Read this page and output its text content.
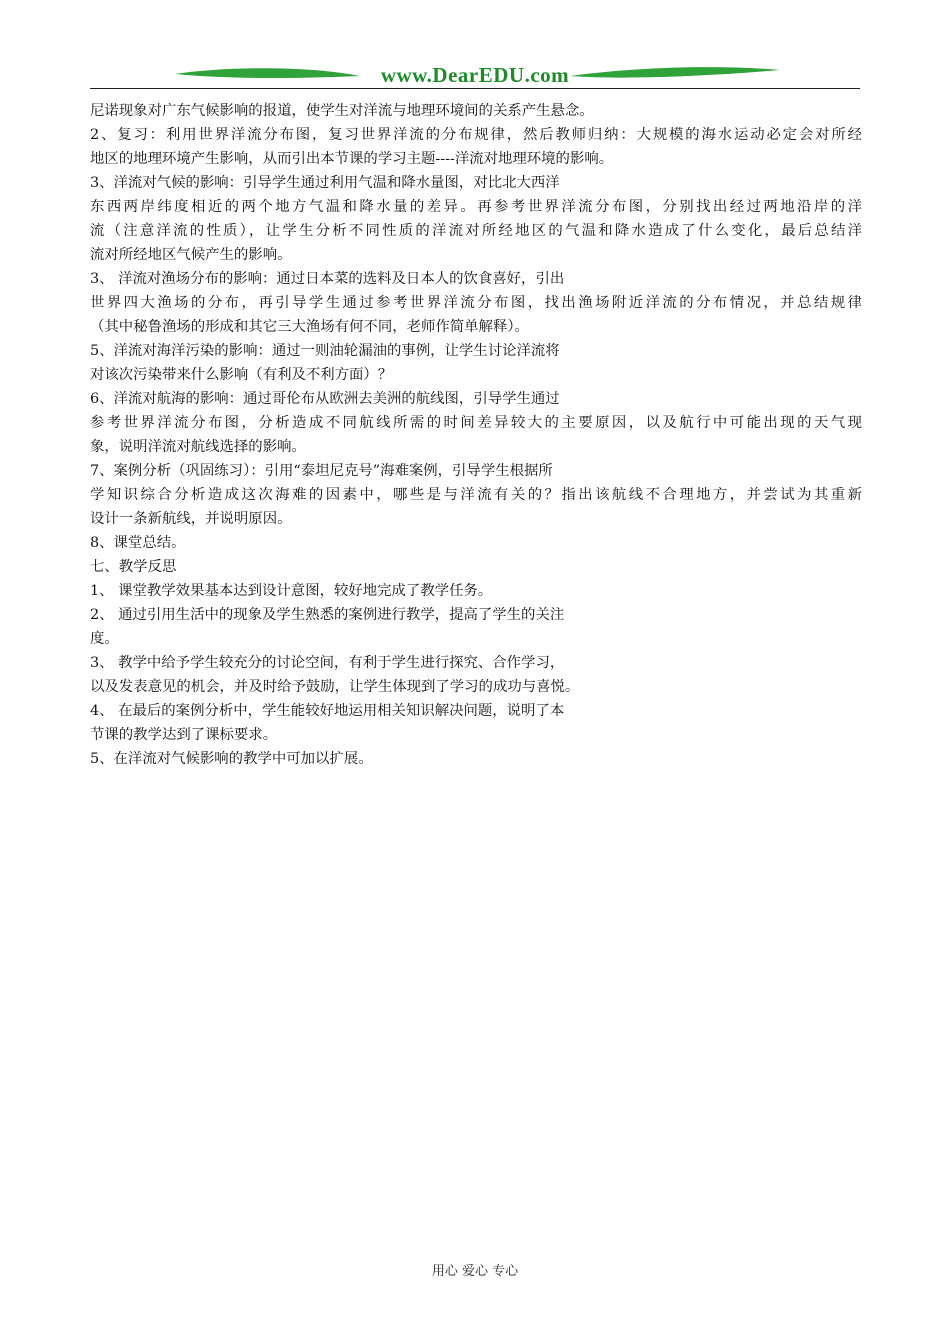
www.DearEDU.com
尼诺现象对广东气候影响的报道，使学生对洋流与地理环境间的关系产生悬念。
2、复习：利用世界洋流分布图，复习世界洋流的分布规律，然后教师归纳：大规模的海水运动必定会对所经
地区的地理环境产生影响，从而引出本节课的学习主题----洋流对地理环境的影响。
3、洋流对气候的影响：引导学生通过利用气温和降水量图，对比北大西洋
东西两岸纬度相近的两个地方气温和降水量的差异。再参考世界洋流分布图，分别找出经过两地沿岸的洋
流（注意洋流的性质），让学生分析不同性质的洋流对所经地区的气温和降水造成了什么变化，最后总结洋
流对所经地区气候产生的影响。
3、 洋流对渔场分布的影响：通过日本菜的选料及日本人的饮食喜好，引出
世界四大渔场的分布，再引导学生通过参考世界洋流分布图，找出渔场附近洋流的分布情况，并总结规律
（其中秘鲁渔场的形成和其它三大渔场有何不同，老师作简单解释）。
5、洋流对海洋污染的影响：通过一则油轮漏油的事例，让学生讨论洋流将
对该次污染带来什么影响（有利及不利方面）？
6、洋流对航海的影响：通过哥伦布从欧洲去美洲的航线图，引导学生通过
参考世界洋流分布图，分析造成不同航线所需的时间差异较大的主要原因，以及航行中可能出现的天气现
象，说明洋流对航线选择的影响。
7、案例分析（巩固练习）：引用“泰坦尼克号”海难案例，引导学生根据所
学知识综合分析造成这次海难的因素中，哪些是与洋流有关的？指出该航线不合理地方，并尝试为其重新
设计一条新航线，并说明原因。
8、课堂总结。
七、教学反思
1、 课堂教学效果基本达到设计意图，较好地完成了教学任务。
2、 通过引用生活中的现象及学生熟悉的案例进行教学，提高了学生的关注
度。
3、 教学中给予学生较充分的讨论空间，有利于学生进行探究、合作学习，
以及发表意见的机会，并及时给予鼓励，让学生体现到了学习的成功与喜悦。
4、 在最后的案例分析中，学生能较好地运用相关知识解决问题，说明了本
节课的教学达到了课标要求。
5、在洋流对气候影响的教学中可加以扩展。
用心 爱心 专心
